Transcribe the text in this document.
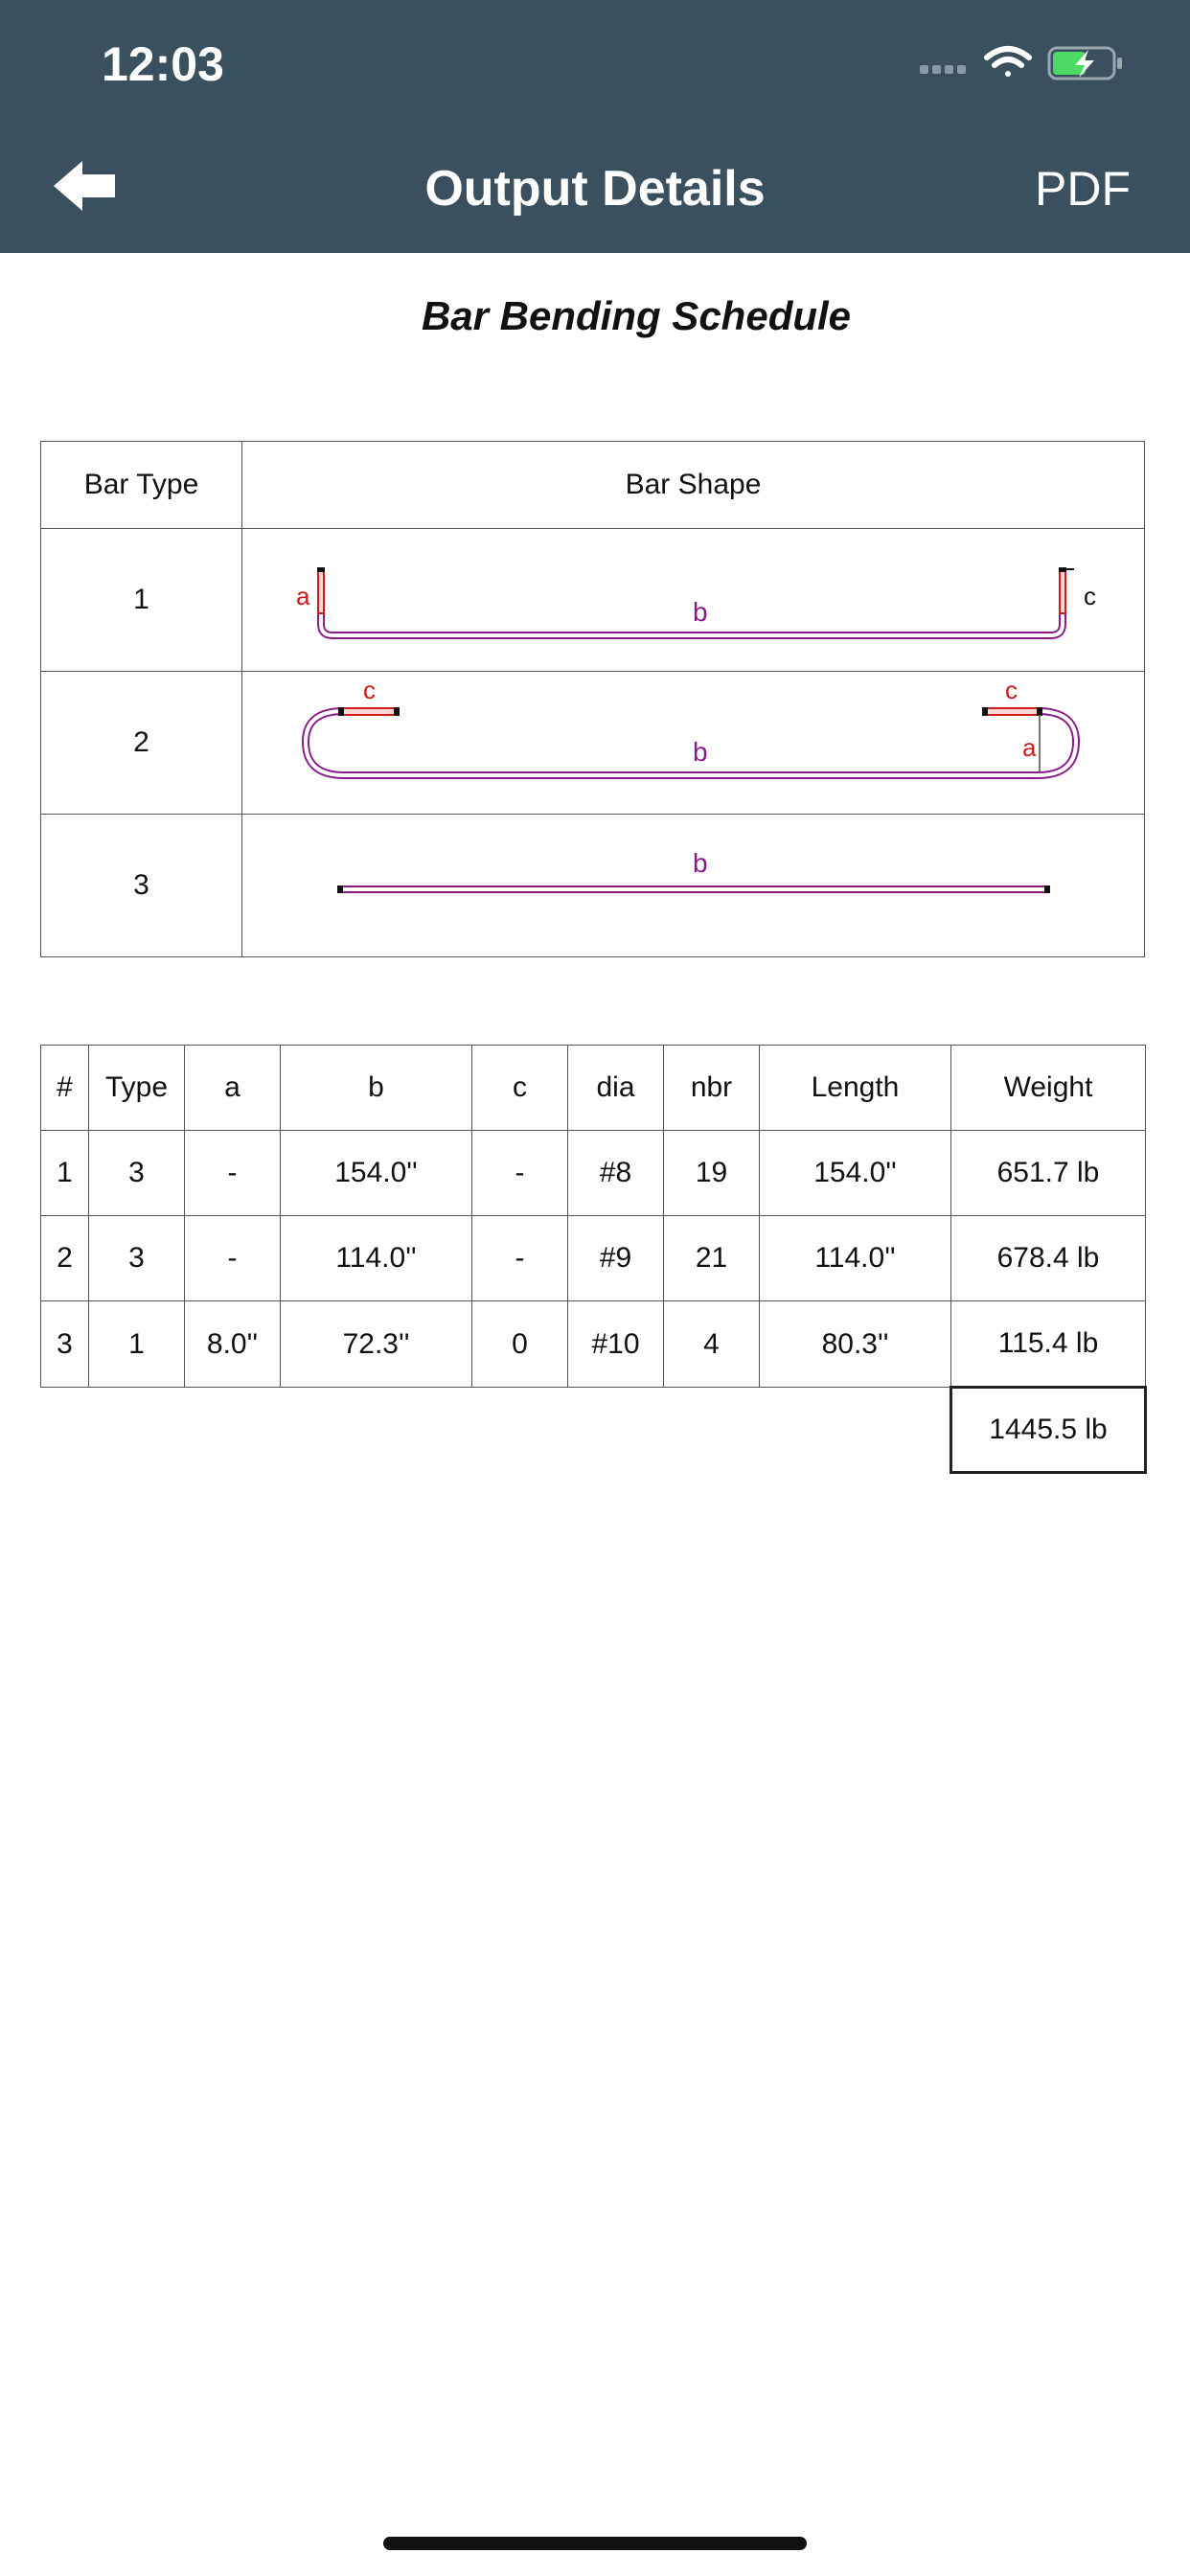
12:03
Output Details	PDF
Bar Bending Schedule
Bar Type	Bar Shape
1	a
b
c

2	c c
b a

3	b
#	Type	a	b	c	dia	nbr	Length	Weight
1	3	-	154.0''	-	#8	19	154.0''	651.7 lb
2	3	-	114.0''	-	#9	21	114.0''	678.4 lb
3	1	8.0''	72.3''	0	#10	4	80.3''	115.4 lb
								1445.5 lb
